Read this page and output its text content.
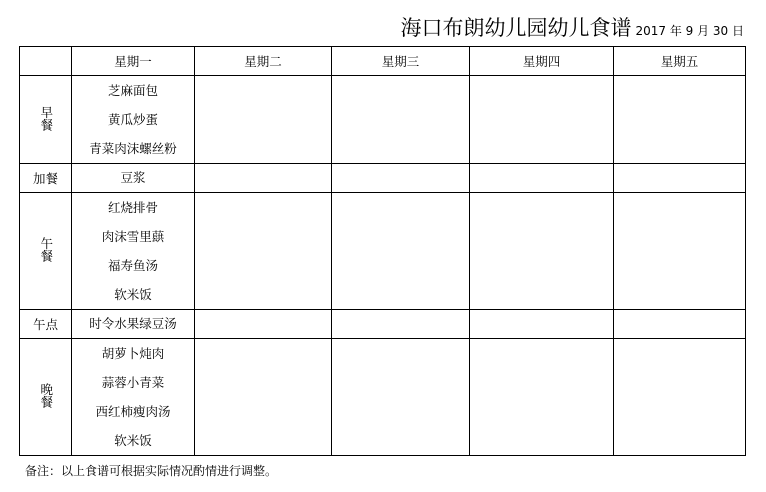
海口布朗幼儿园幼儿食谱 2017 年 9 月 30 日
	星期一	星期二	星期三	星期四	星期五
早餐	芝麻面包
黄瓜炒蛋
青菜肉沫螺丝粉				

加餐	豆浆				

午餐	红烧排骨
肉沫雪里蕻
福寿鱼汤
软米饭				

午点	时令水果绿豆汤				

晚餐	胡萝卜炖肉
蒜蓉小青菜
西红柿瘦肉汤
软米饭				

备注：以上食谱可根据实际情况酌情进行调整。
